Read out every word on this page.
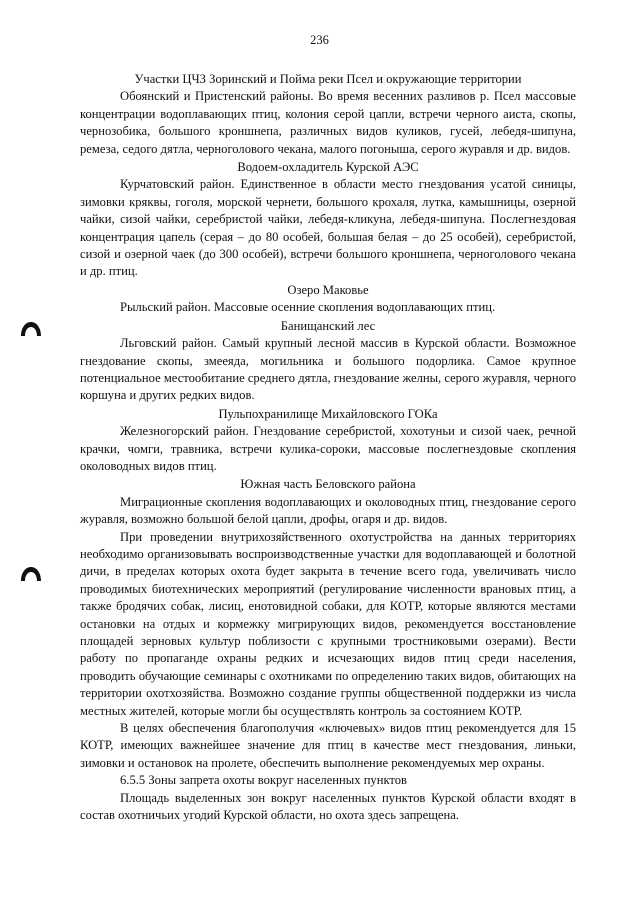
236
Участки ЦЧЗ Зоринский и Пойма реки Псел и окружающие территории

Обоянский и Пристенский районы. Во время весенних разливов р. Псел массовые концентрации водоплавающих птиц, колония серой цапли, встречи черного аиста, скопы, чернозобика, большого кроншнепа, различных видов куликов, гусей, лебедя-шипуна, ремеза, седого дятла, черноголового чекана, малого погоныша, серого журавля и др. видов.

Водоем-охладитель Курской АЭС

Курчатовский район. Единственное в области место гнездования усатой синицы, зимовки кряквы, гоголя, морской чернети, большого крохаля, лутка, камышницы, озерной чайки, сизой чайки, серебристой чайки, лебедя-кликуна, лебедя-шипуна. Послегнездовая концентрация цапель (серая – до 80 особей, большая белая – до 25 особей), серебристой, сизой и озерной чаек (до 300 особей), встречи большого кроншнепа, черноголового чекана и др. птиц.

Озеро Маковье

Рыльский район. Массовые осенние скопления водоплавающих птиц.

Банищанский лес

Льговский район. Самый крупный лесной массив в Курской области. Возможное гнездование скопы, змееяда, могильника и большого подорлика. Самое крупное потенциальное местообитание среднего дятла, гнездование желны, серого журавля, черного коршуна и других редких видов.

Пульпохранилище Михайловского ГОКа

Железногорский район. Гнездование серебристой, хохотуньи и сизой чаек, речной крачки, чомги, травника, встречи кулика-сороки, массовые послегнездовые скопления околоводных видов птиц.

Южная часть Беловского района

Миграционные скопления водоплавающих и околоводных птиц, гнездование серого журавля, возможно большой белой цапли, дрофы, огаря и др. видов.

При проведении внутрихозяйственного охотустройства на данных территориях необходимо организовывать воспроизводственные участки для водоплавающей и болотной дичи, в пределах которых охота будет закрыта в течение всего года, увеличивать число проводимых биотехнических мероприятий (регулирование численности врановых птиц, а также бродячих собак, лисиц, енотовидной собаки, для КОТР, которые являются местами остановки на отдых и кормежку мигрирующих видов, рекомендуется восстановление площадей зерновых культур поблизости с крупными тростниковыми озерами). Вести работу по пропаганде охраны редких и исчезающих видов птиц среди населения, проводить обучающие семинары с охотниками по определению таких видов, обитающих на территории охотхозяйства. Возможно создание группы общественной поддержки из числа местных жителей, которые могли бы осуществлять контроль за состоянием КОТР.

В целях обеспечения благополучия «ключевых» видов птиц рекомендуется для 15 КОТР, имеющих важнейшее значение для птиц в качестве мест гнездования, линьки, зимовки и остановок на пролете, обеспечить выполнение рекомендуемых мер охраны.

6.5.5 Зоны запрета охоты вокруг населенных пунктов

Площадь выделенных зон вокруг населенных пунктов Курской области входят в состав охотничьих угодий Курской области, но охота здесь запрещена.
